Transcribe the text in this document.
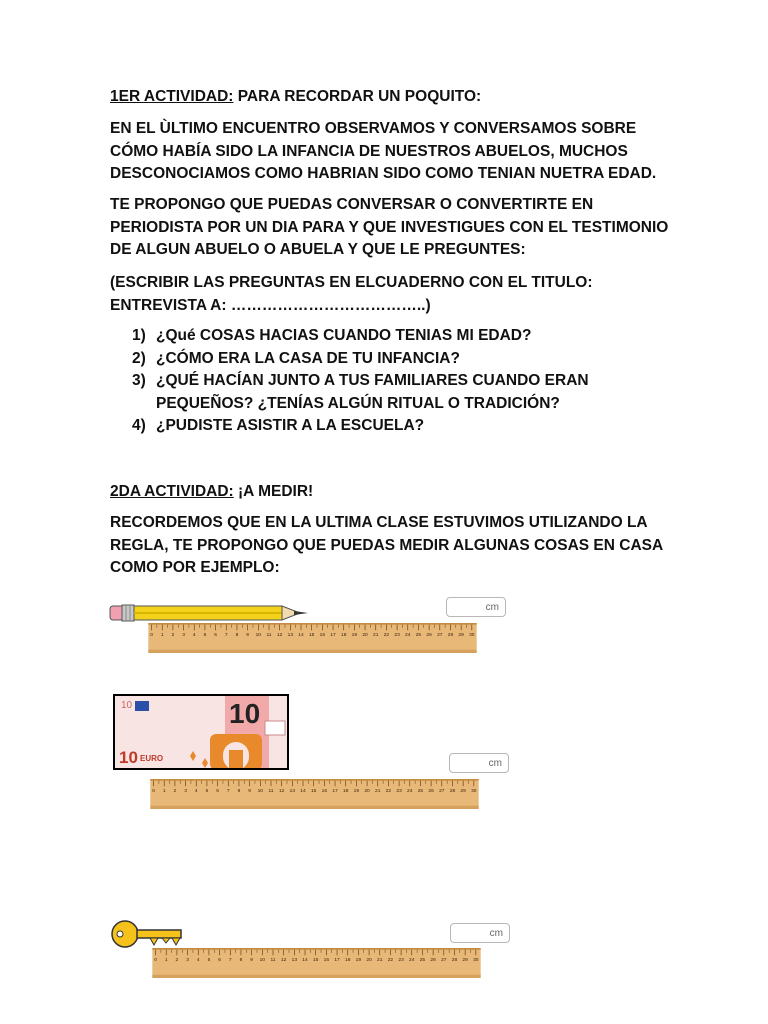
1ER ACTIVIDAD: PARA RECORDAR UN POQUITO:
EN EL ÙLTIMO ENCUENTRO OBSERVAMOS Y CONVERSAMOS SOBRE
CÓMO HABÍA SIDO LA INFANCIA DE NUESTROS ABUELOS, MUCHOS
DESCONOCIAMOS COMO HABRIAN SIDO COMO TENIAN NUETRA EDAD.
TE PROPONGO QUE PUEDAS CONVERSAR O CONVERTIRTE EN
PERIODISTA POR UN DIA PARA Y QUE INVESTIGUES CON EL TESTIMONIO
DE ALGUN ABUELO O ABUELA Y QUE LE PREGUNTES:
(ESCRIBIR LAS PREGUNTAS EN ELCUADERNO CON EL TITULO:
ENTREVISTA A: ………………………………..)
1) ¿Qué COSAS HACIAS CUANDO TENIAS MI EDAD?
2) ¿CÓMO ERA LA CASA DE TU INFANCIA?
3) ¿QUÉ HACÍAN JUNTO A TUS FAMILIARES CUANDO ERAN
PEQUEÑOS? ¿TENÍAS ALGÚN RITUAL O TRADICIÓN?
4) ¿PUDISTE ASISTIR A LA ESCUELA?
2DA ACTIVIDAD: ¡A MEDIR!
RECORDEMOS QUE EN LA ULTIMA CLASE ESTUVIMOS UTILIZANDO LA
REGLA, TE PROPONGO QUE PUEDAS MEDIR ALGUNAS COSAS EN CASA
COMO POR EJEMPLO:
cm
0 1 2 3 4 5 6 7 8 9 10 11 12 13 14 15 16 17 18 19 20 21 22 23 24 25 26 27 28 29 30
10	10
10 EURO	cm
0 1 2 3 4 5 6 7 8 9 10 11 12 13 14 15 16 17 18 19 20 21 22 23 24 25 26 27 28 29 30
cm
0 1 2 3 4 5 6 7 8 9 10 11 12 13 14 15 16 17 18 19 20 21 22 23 24 25 26 27 28 29 30
